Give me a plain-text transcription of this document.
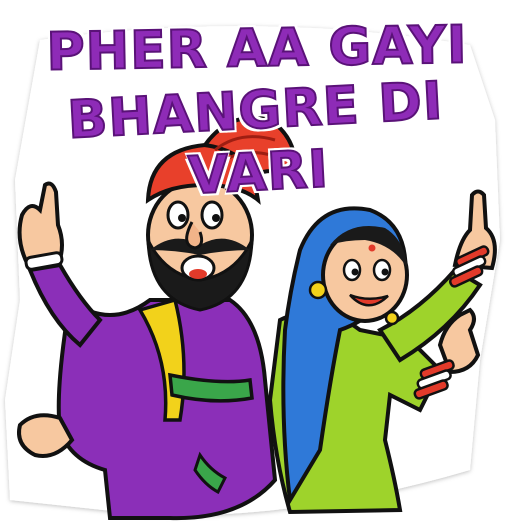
PHER AA GAYI
BHANGRE DI VARI
